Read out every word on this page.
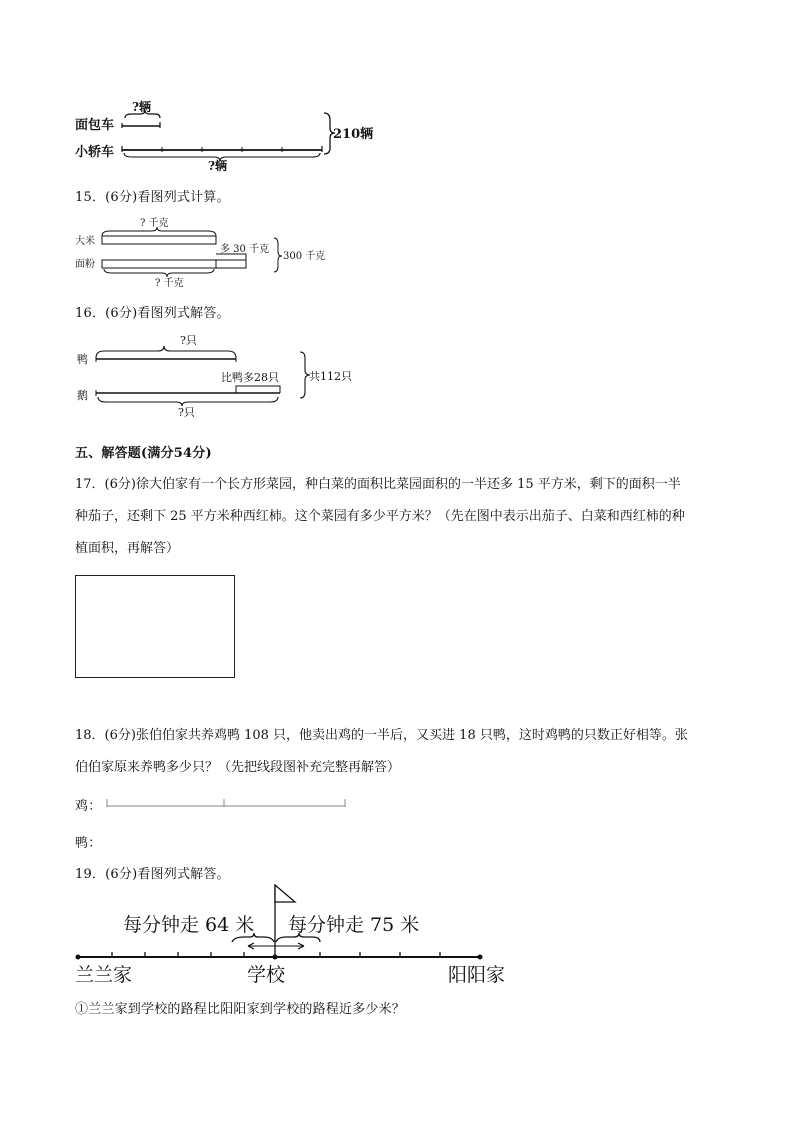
?辆
面包车
小轿车
?辆
210辆
15．(6分)看图列式计算。
? 千克
大米
面粉
多 30 千克
? 千克
300 千克
16．(6分)看图列式解答。
?只
鸭
比鸭多28只
鹅
?只
共112只
五、解答题(满分54分)
17．(6分)徐大伯家有一个长方形菜园，种白菜的面积比菜园面积的一半还多 15 平方米，剩下的面积一半
种茄子，还剩下 25 平方米种西红柿。这个菜园有多少平方米？（先在图中表示出茄子、白菜和西红柿的种
植面积，再解答）
18．(6分)张伯伯家共养鸡鸭 108 只，他卖出鸡的一半后，又买进 18 只鸭，这时鸡鸭的只数正好相等。张
伯伯家原来养鸭多少只？（先把线段图补充完整再解答）
鸡：
鸭：
19．(6分)看图列式解答。
每分钟走 64 米 每分钟走 75 米
兰兰家	学校	阳阳家
①兰兰家到学校的路程比阳阳家到学校的路程近多少米？
